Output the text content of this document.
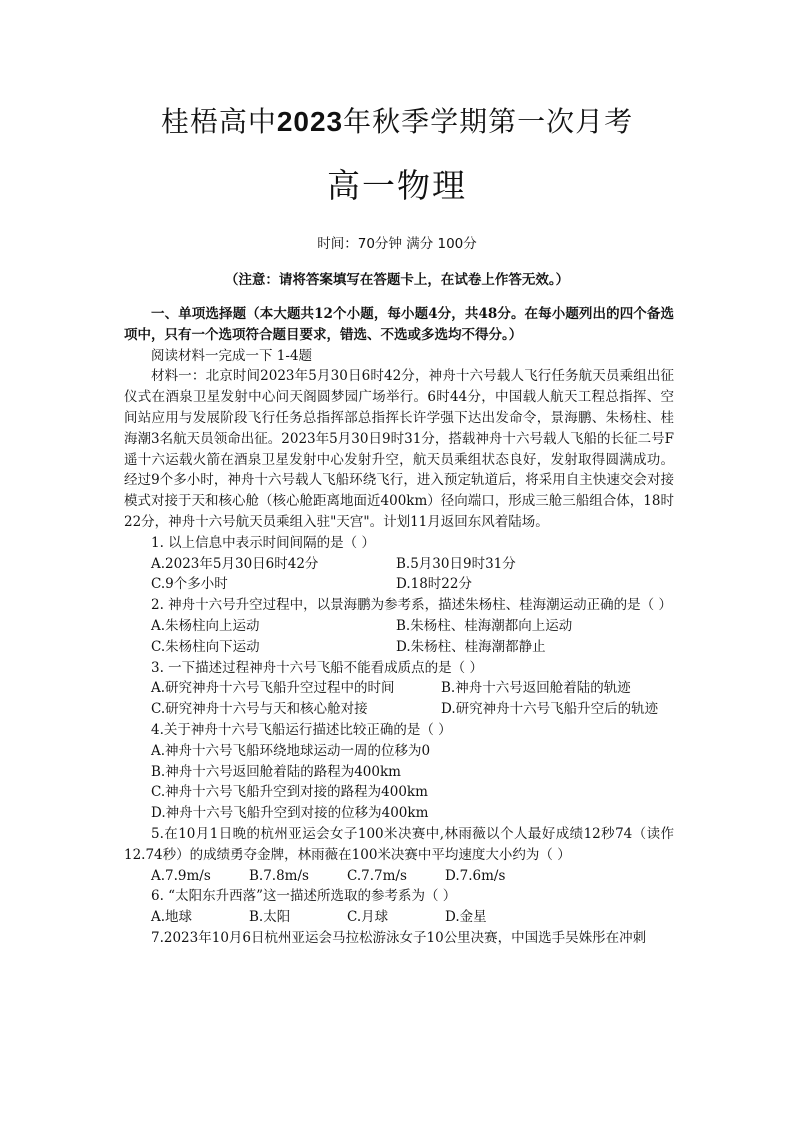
桂梧高中2023年秋季学期第一次月考
高一物理
时间：70分钟 满分 100分
（注意：请将答案填写在答题卡上，在试卷上作答无效。）

一、单项选择题（本大题共12个小题，每小题4分，共48分。在每小题列出的四个备选项中，只有一个选项符合题目要求，错选、不选或多选均不得分。）

阅读材料一完成一下 1-4题

材料一：北京时间2023年5月30日6时42分，神舟十六号载人飞行任务航天员乘组出征仪式在酒泉卫星发射中心问天阁圆梦园广场举行。6时44分，中国载人航天工程总指挥、空间站应用与发展阶段飞行任务总指挥部总指挥长许学强下达出发命令，景海鹏、朱杨柱、桂海潮3名航天员领命出征。2023年5月30日9时31分，搭载神舟十六号载人飞船的长征二号F遥十六运载火箭在酒泉卫星发射中心发射升空，航天员乘组状态良好，发射取得圆满成功。经过9个多小时，神舟十六号载人飞船环绕飞行，进入预定轨道后，将采用自主快速交会对接模式对接于天和核心舱（核心舱距离地面近400km）径向端口，形成三舱三船组合体，18时22分，神舟十六号航天员乘组入驻"天宫"。计划11月返回东风着陆场。

1. 以上信息中表示时间间隔的是（ ）

A.2023年5月30日6时42分	B.5月30日9时31分
C.9个多小时	D.18时22分

2. 神舟十六号升空过程中，以景海鹏为参考系，描述朱杨柱、桂海潮运动正确的是（ ）

A.朱杨柱向上运动	B.朱杨柱、桂海潮都向上运动
C.朱杨柱向下运动	D.朱杨柱、桂海潮都静止

3. 一下描述过程神舟十六号飞船不能看成质点的是（ ）

A.研究神舟十六号飞船升空过程中的时间	B.神舟十六号返回舱着陆的轨迹
C.研究神舟十六号与天和核心舱对接	D.研究神舟十六号飞船升空后的轨迹

4.关于神舟十六号飞船运行描述比较正确的是（ ）

A.神舟十六号飞船环绕地球运动一周的位移为0

B.神舟十六号返回舱着陆的路程为400km

C.神舟十六号飞船升空到对接的路程为400km

D.神舟十六号飞船升空到对接的位移为400km

5.在10月1日晚的杭州亚运会女子100米决赛中,林雨薇以个人最好成绩12秒74（读作12.74秒）的成绩勇夺金牌，林雨薇在100米决赛中平均速度大小约为（ ）

A.7.9m/s	B.7.8m/s	C.7.7m/s	D.7.6m/s

6. “太阳东升西落”这一描述所选取的参考系为（ ）

A.地球	B.太阳	C.月球	D.金星

7.2023年10月6日杭州亚运会马拉松游泳女子10公里决赛，中国选手吴姝彤在冲刺
